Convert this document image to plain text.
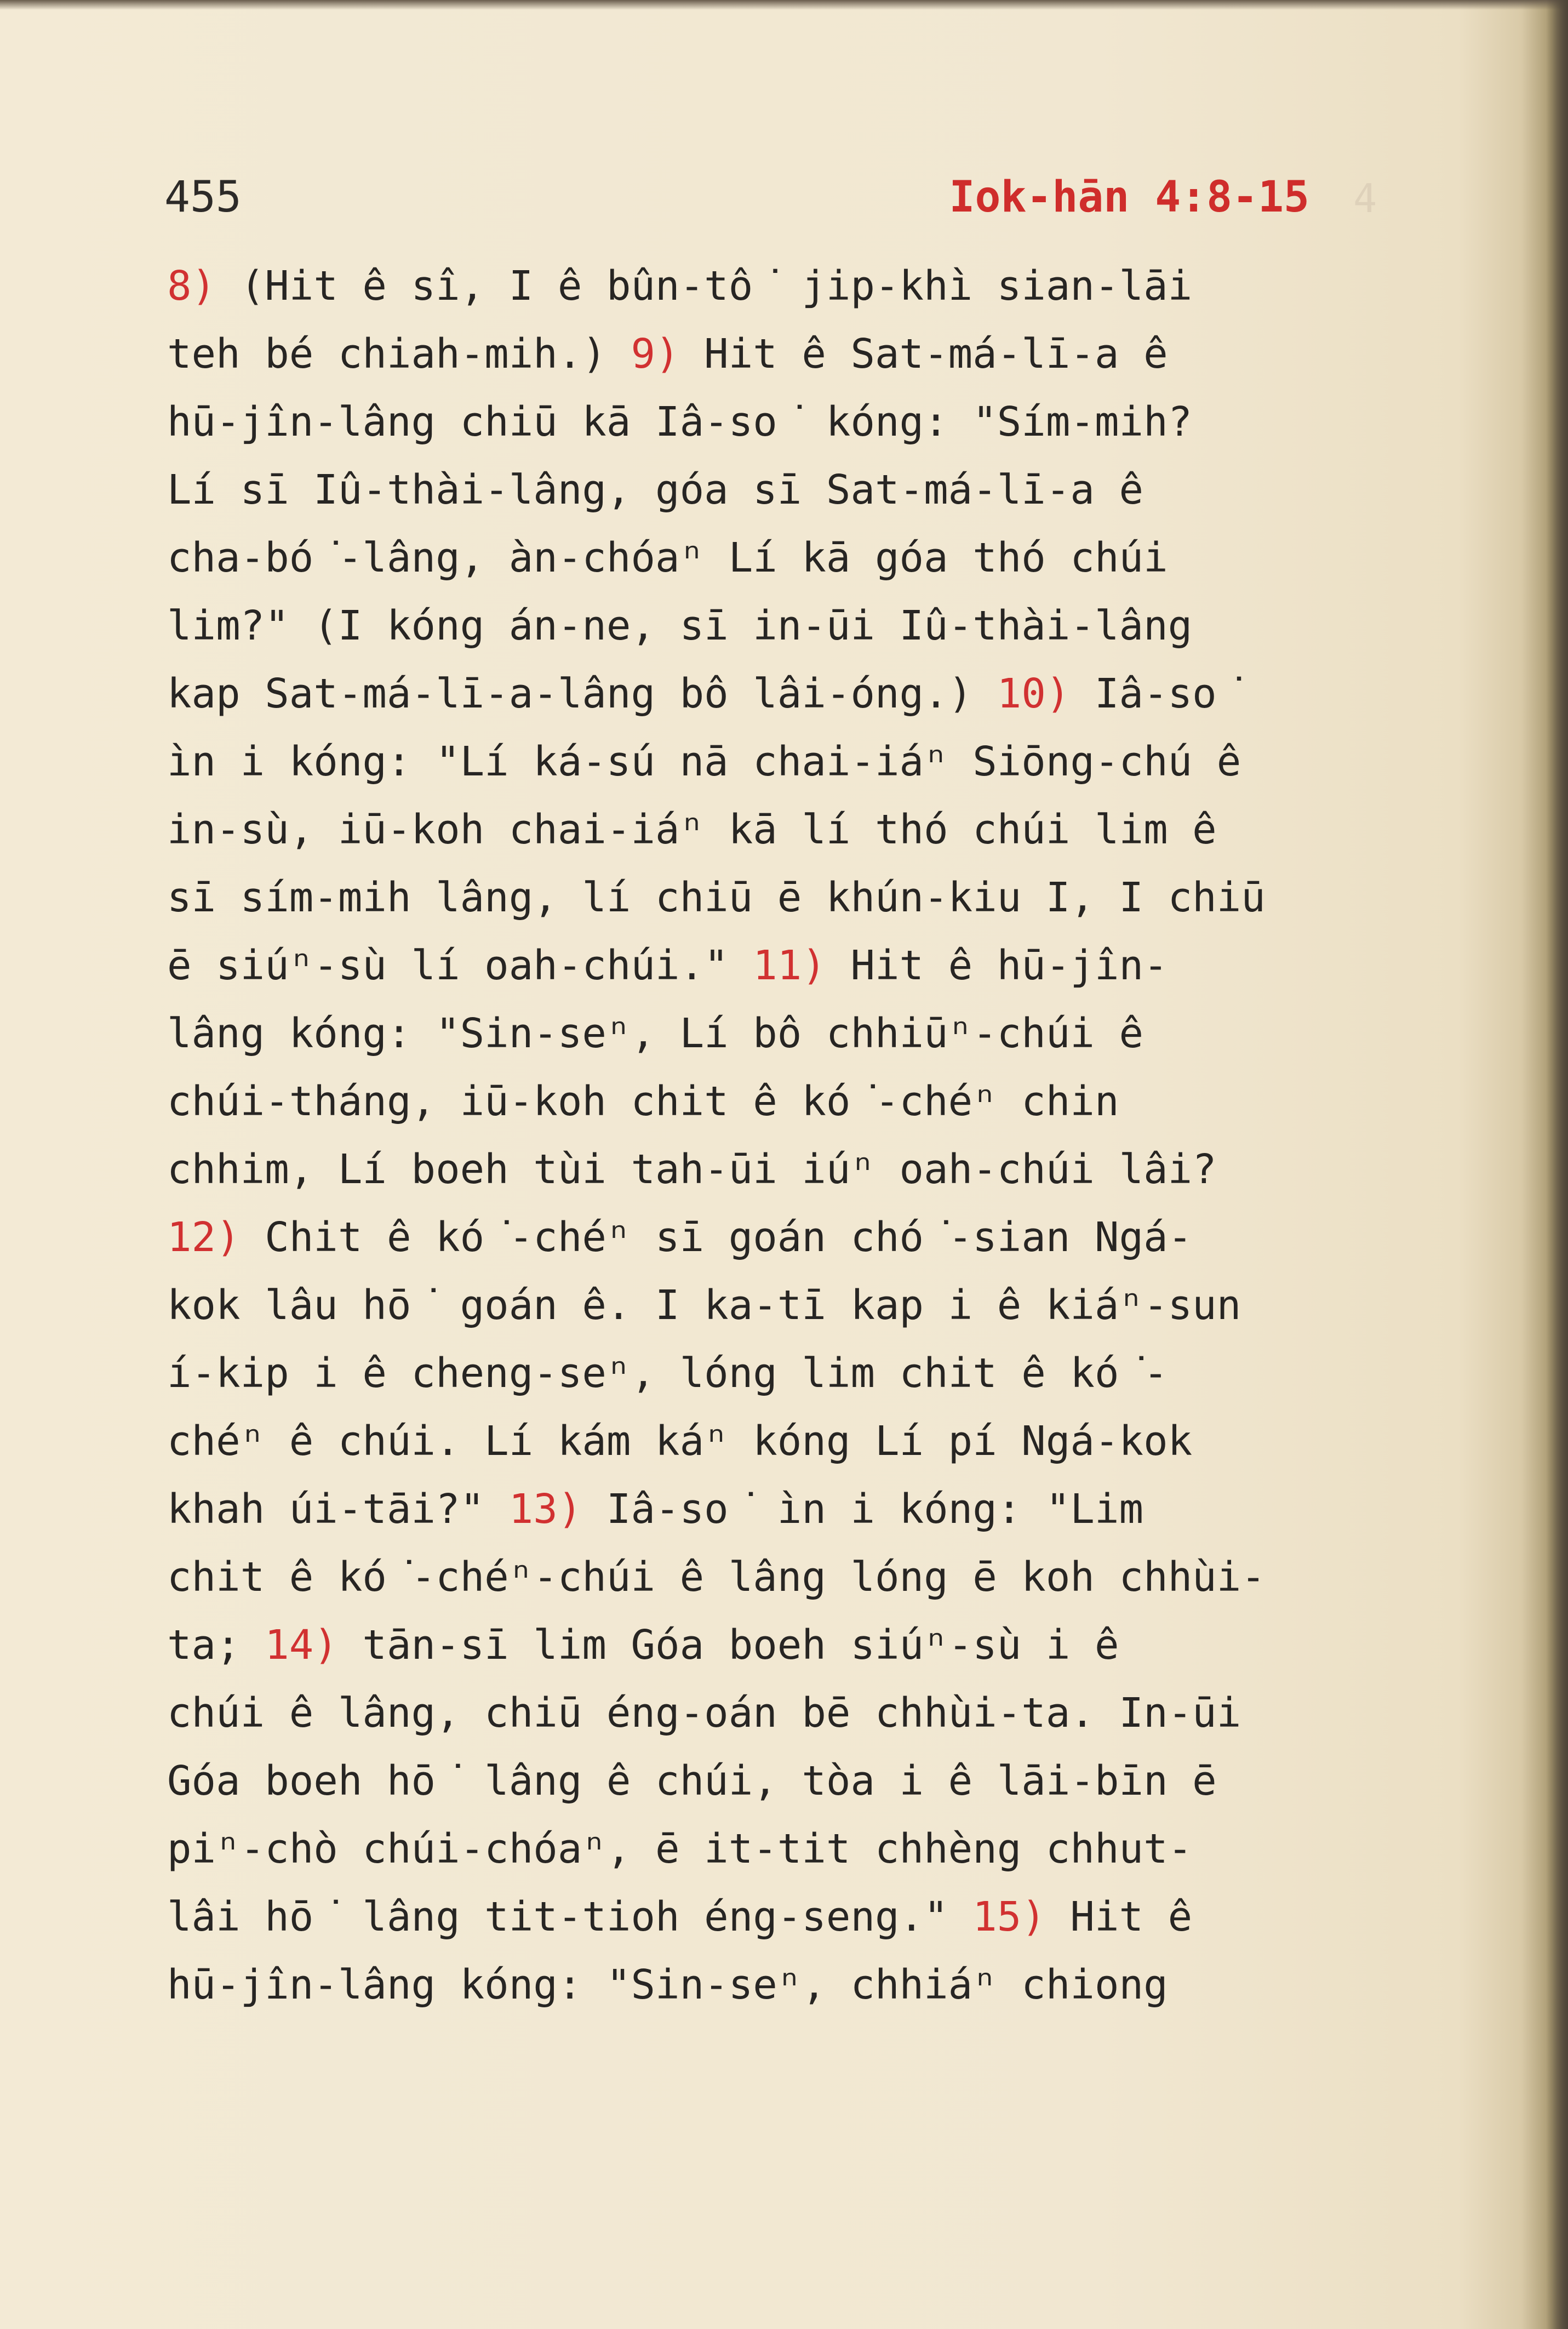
4
455	Iok-hān 4:8-15
8) (Hit ê sî, I ê bûn-tô͘ jip-khì sian-lāi
teh bé chiah-mih.) 9) Hit ê Sat-má-lī-a ê
hū-jîn-lâng chiū kā Iâ-so͘ kóng: "Sím-mih?
Lí sī Iû-thài-lâng, góa sī Sat-má-lī-a ê
cha-bó͘-lâng, àn-chóaⁿ Lí kā góa thó chúi
lim?" (I kóng án-ne, sī in-ūi Iû-thài-lâng
kap Sat-má-lī-a-lâng bô lâi-óng.) 10) Iâ-so͘
ìn i kóng: "Lí ká-sú nā chai-iáⁿ Siōng-chú ê
in-sù, iū-koh chai-iáⁿ kā lí thó chúi lim ê
sī sím-mih lâng, lí chiū ē khún-kiu I, I chiū
ē siúⁿ-sù lí oah-chúi." 11) Hit ê hū-jîn-
lâng kóng: "Sin-seⁿ, Lí bô chhiūⁿ-chúi ê
chúi-tháng, iū-koh chit ê kó͘-chéⁿ chin
chhim, Lí boeh tùi tah-ūi iúⁿ oah-chúi lâi?
12) Chit ê kó͘-chéⁿ sī goán chó͘-sian Ngá-
kok lâu hō͘ goán ê. I ka-tī kap i ê kiáⁿ-sun
í-kip i ê cheng-seⁿ, lóng lim chit ê kó͘-
chéⁿ ê chúi. Lí kám káⁿ kóng Lí pí Ngá-kok
khah úi-tāi?" 13) Iâ-so͘ ìn i kóng: "Lim
chit ê kó͘-chéⁿ-chúi ê lâng lóng ē koh chhùi-
ta; 14) tān-sī lim Góa boeh siúⁿ-sù i ê
chúi ê lâng, chiū éng-oán bē chhùi-ta. In-ūi
Góa boeh hō͘ lâng ê chúi, tòa i ê lāi-bīn ē
piⁿ-chò chúi-chóaⁿ, ē it-tit chhèng chhut-
lâi hō͘ lâng tit-tioh éng-seng." 15) Hit ê
hū-jîn-lâng kóng: "Sin-seⁿ, chhiáⁿ chiong
